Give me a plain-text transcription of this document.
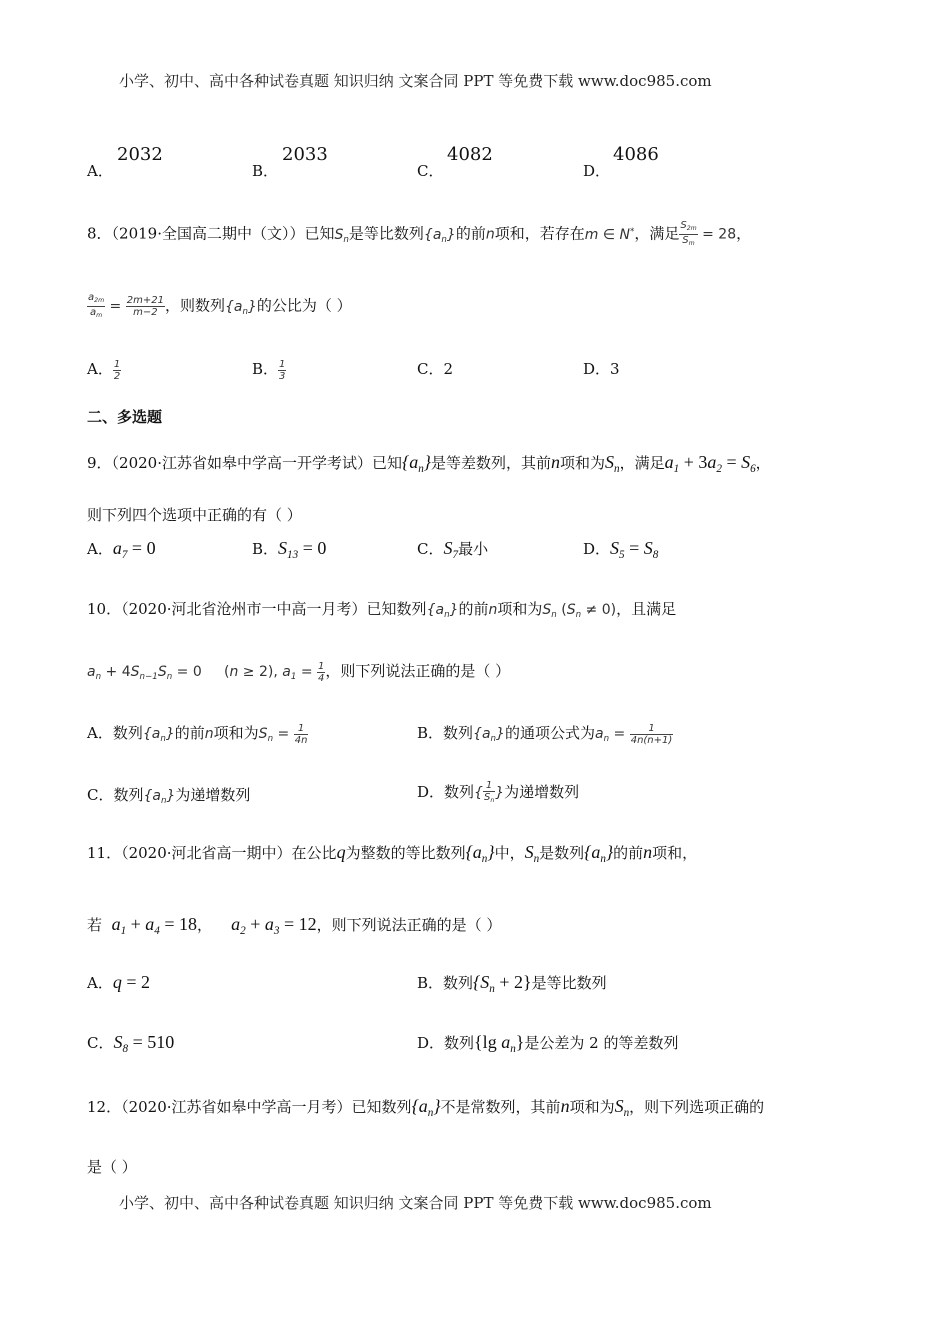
小学、初中、高中各种试卷真题 知识归纳 文案合同 PPT 等免费下载 www.doc985.com
A．
2032
B．
2033
C．
4082
D．
4086
8．（2019·全国高二期中（文））已知$S_n$是等比数列$\{a_n\}$的前n项和，若存在m ∈ N*，满足 $\frac{S_{2m}}{S_m} = 28$，
$\frac{a_{2m}}{a_m} = \frac{2m+21}{m-2}$ ，则数列$\{a_n\}$的公比为（ ）
A． $\frac{1}{2}$	B． $\frac{1}{3}$	C．2	D．3
二、多选题
9．（2020·江苏省如皋中学高一开学考试）已知$\{a_n\}$是等差数列，其前n项和为$S_n$，满足$a_1 + 3a_2 = S_6$，
则下列四个选项中正确的有（ ）
A．$a_7 = 0$	B．$S_{13} = 0$	C．$S_7$最小	D．$S_5 = S_8$
10．（2020·河北省沧州市一中高一月考）已知数列$\{a_n\}$的前n项和为$S_n$ $(S_n \ne 0)$，且满足
$a_n + 4S_{n-1}S_n = 0$ (n ≥ 2), $a_1 = \frac{1}{4}$ ，则下列说法正确的是（ ）
A．数列$\{a_n\}$的前n项和为$S_n = \frac{1}{4n}$	B．数列$\{a_n\}$的通项公式为$a_n = \frac{1}{4n(n+1)}$
C．数列$\{a_n\}$为递增数列	D．数列{ $\frac{1}{S_n}$ }为递增数列
11．（2020·河北省高一期中）在公比q为整数的等比数列$\{a_n\}$中，$S_n$是数列$\{a_n\}$的前n项和，
若 $a_1 + a_4 = 18$， $a_2 + a_3 = 12$，则下列说法正确的是（ ）
A．q = 2	B．数列$\{S_n + 2\}$是等比数列
C．$S_8 = 510$	D．数列{lg $a_n$}是公差为 2 的等差数列
12．（2020·江苏省如皋中学高一月考）已知数列$\{a_n\}$不是常数列，其前n项和为$S_n$，则下列选项正确的
是（ ）
小学、初中、高中各种试卷真题 知识归纳 文案合同 PPT 等免费下载 www.doc985.com
